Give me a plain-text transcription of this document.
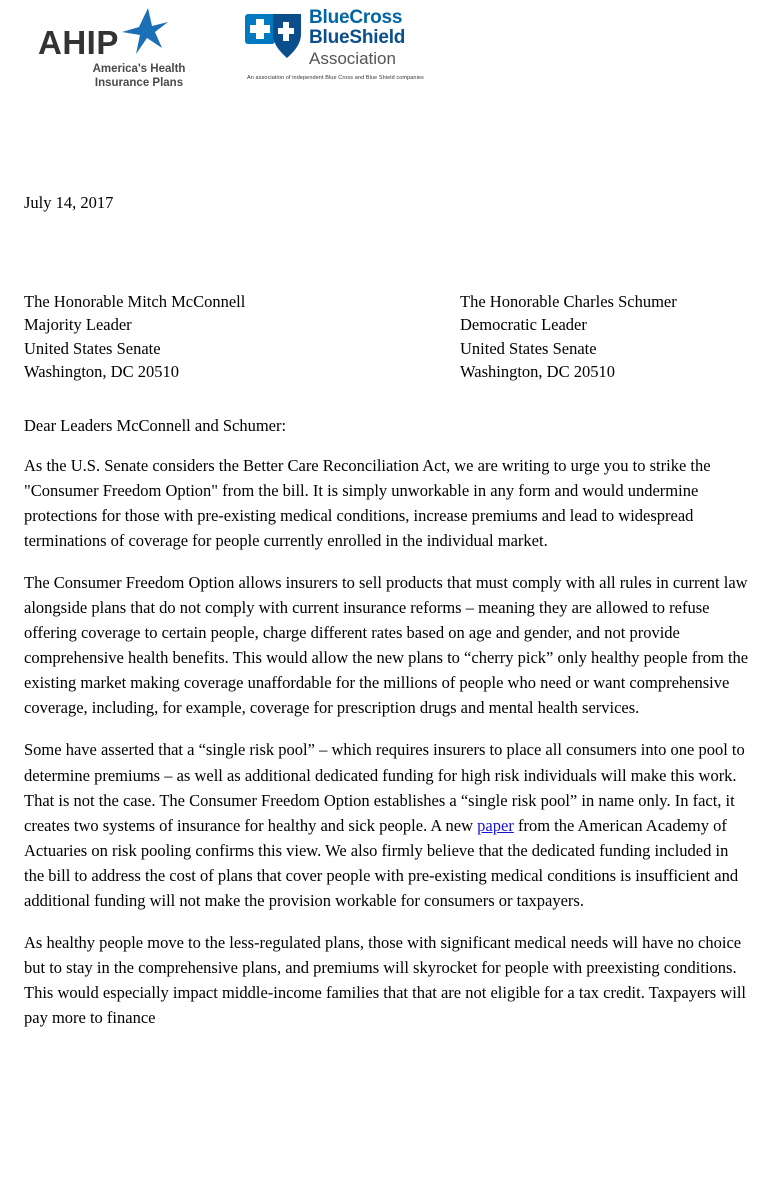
AHIP
America's Health
Insurance Plans
BlueCross
BlueShield
Association
An association of independent Blue Cross and Blue Shield companies
July 14, 2017
The Honorable Mitch McConnell
Majority Leader
United States Senate
Washington, DC 20510
The Honorable Charles Schumer
Democratic Leader
United States Senate
Washington, DC 20510
Dear Leaders McConnell and Schumer:

As the U.S. Senate considers the Better Care Reconciliation Act, we are writing to urge you to strike the "Consumer Freedom Option" from the bill. It is simply unworkable in any form and would undermine protections for those with pre-existing medical conditions, increase premiums and lead to widespread terminations of coverage for people currently enrolled in the individual market.

The Consumer Freedom Option allows insurers to sell products that must comply with all rules in current law alongside plans that do not comply with current insurance reforms – meaning they are allowed to refuse offering coverage to certain people, charge different rates based on age and gender, and not provide comprehensive health benefits. This would allow the new plans to “cherry pick” only healthy people from the existing market making coverage unaffordable for the millions of people who need or want comprehensive coverage, including, for example, coverage for prescription drugs and mental health services.

Some have asserted that a “single risk pool” – which requires insurers to place all consumers into one pool to determine premiums – as well as additional dedicated funding for high risk individuals will make this work. That is not the case. The Consumer Freedom Option establishes a “single risk pool” in name only. In fact, it creates two systems of insurance for healthy and sick people. A new paper from the American Academy of Actuaries on risk pooling confirms this view. We also firmly believe that the dedicated funding included in the bill to address the cost of plans that cover people with pre-existing medical conditions is insufficient and additional funding will not make the provision workable for consumers or taxpayers.

As healthy people move to the less-regulated plans, those with significant medical needs will have no choice but to stay in the comprehensive plans, and premiums will skyrocket for people with preexisting conditions. This would especially impact middle-income families that that are not eligible for a tax credit. Taxpayers will pay more to finance
